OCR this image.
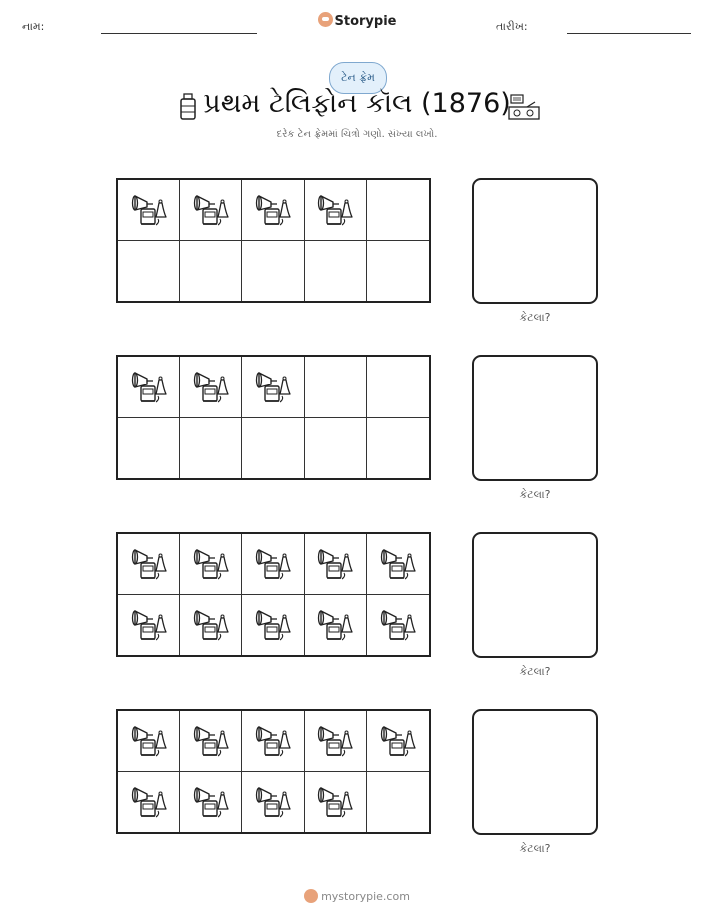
નામ:	Storypie	તારીખ:
ટેન ફ્રેમ
પ્રથમ ટેલિફોન કૉલ (1876)
દરેક ટેન ફ્રેમમાં ચિત્રો ગણો. સંખ્યા લખો.
કેટલા?
કેટલા?
કેટલા?
કેટલા?
mystorypie.com
